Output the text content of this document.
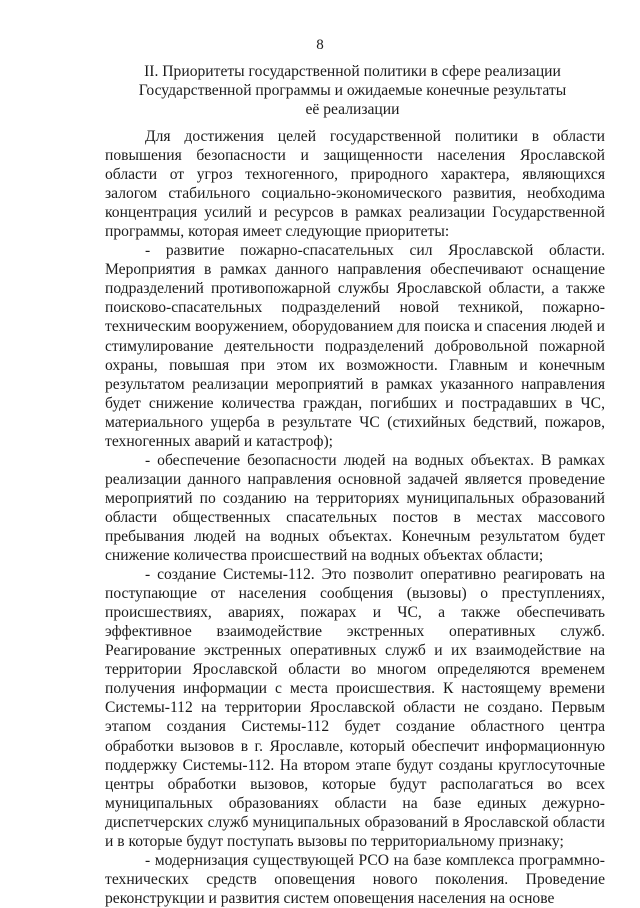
8
II. Приоритеты государственной политики в сфере реализации
Государственной программы и ожидаемые конечные результаты
её реализации

Для достижения целей государственной политики в области повышения безопасности и защищенности населения Ярославской области от угроз техногенного, природного характера, являющихся залогом стабильного социально-экономического развития, необходима концентрация усилий и ресурсов в рамках реализации Государственной программы, которая имеет следующие приоритеты:

- развитие пожарно-спасательных сил Ярославской области. Мероприятия в рамках данного направления обеспечивают оснащение подразделений противопожарной службы Ярославской области, а также поисково-спасательных подразделений новой техникой, пожарно-техническим вооружением, оборудованием для поиска и спасения людей и стимулирование деятельности подразделений добровольной пожарной охраны, повышая при этом их возможности. Главным и конечным результатом реализации мероприятий в рамках указанного направления будет снижение количества граждан, погибших и пострадавших в ЧС, материального ущерба в результате ЧС (стихийных бедствий, пожаров, техногенных аварий и катастроф);

- обеспечение безопасности людей на водных объектах. В рамках реализации данного направления основной задачей является проведение мероприятий по созданию на территориях муниципальных образований области общественных спасательных постов в местах массового пребывания людей на водных объектах. Конечным результатом будет снижение количества происшествий на водных объектах области;

- создание Системы-112. Это позволит оперативно реагировать на поступающие от населения сообщения (вызовы) о преступлениях, происшествиях, авариях, пожарах и ЧС, а также обеспечивать эффективное взаимодействие экстренных оперативных служб. Реагирование экстренных оперативных служб и их взаимодействие на территории Ярославской области во многом определяются временем получения информации с места происшествия. К настоящему времени Системы-112 на территории Ярославской области не создано. Первым этапом создания Системы-112 будет создание областного центра обработки вызовов в г. Ярославле, который обеспечит информационную поддержку Системы-112. На втором этапе будут созданы круглосуточные центры обработки вызовов, которые будут располагаться во всех муниципальных образованиях области на базе единых дежурно-диспетчерских служб муниципальных образований в Ярославской области и в которые будут поступать вызовы по территориальному признаку;

- модернизация существующей РСО на базе комплекса программно-технических средств оповещения нового поколения. Проведение реконструкции и развития систем оповещения населения на основе
